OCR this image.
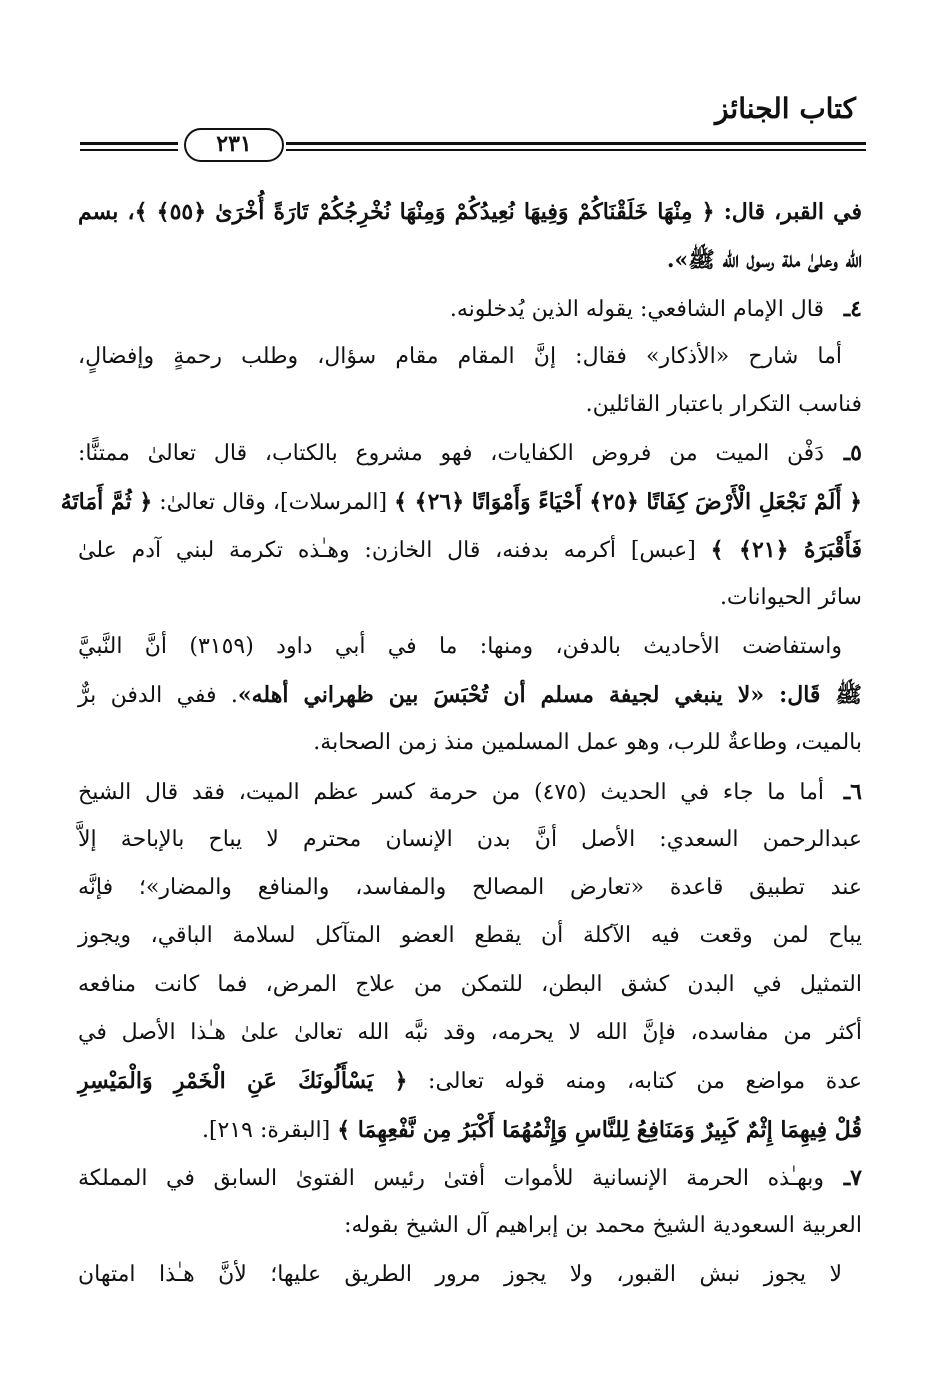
كتاب الجنائز
٢٣١
في القبر، قال: ﴿ مِنْهَا خَلَقْنَاكُمْ وَفِيهَا نُعِيدُكُمْ وَمِنْهَا نُخْرِجُكُمْ تَارَةً أُخْرَىٰ ﴿٥٥﴾ ﴾، بسم
الله وعلىٰ ملة رسول الله ﷺ».
٤ـقال الإمام الشافعي: يقوله الذين يُدخلونه.
أما شارح «الأذكار» فقال: إنَّ المقام مقام سؤال، وطلب رحمةٍ وإفضالٍ،
فناسب التكرار باعتبار القائلين.
٥ـدَفْن الميت من فروض الكفايات، فهو مشروع بالكتاب، قال تعالىٰ ممتنًّا:
﴿ أَلَمْ نَجْعَلِ الْأَرْضَ كِفَاتًا ﴿٢٥﴾ أَحْيَاءً وَأَمْوَاتًا ﴿٢٦﴾ ﴾ [المرسلات]، وقال تعالىٰ: ﴿ ثُمَّ أَمَاتَهُ
فَأَقْبَرَهُ ﴿٢١﴾ ﴾ [عبس] أكرمه بدفنه، قال الخازن: وهـٰذه تكرمة لبني آدم علىٰ
سائر الحيوانات.
واستفاضت الأحاديث بالدفن، ومنها: ما في أبي داود (٣١٥٩) أنَّ النَّبيَّ
ﷺ قَال: «لا ينبغي لجيفة مسلم أن تُحْبَسَ بين ظهراني أهله». ففي الدفن برٌّ
بالميت، وطاعةٌ للرب، وهو عمل المسلمين منذ زمن الصحابة.
٦ـأما ما جاء في الحديث (٤٧٥) من حرمة كسر عظم الميت، فقد قال الشيخ
عبدالرحمن السعدي: الأصل أنَّ بدن الإنسان محترم لا يباح بالإباحة إلاَّ
عند تطبيق قاعدة «تعارض المصالح والمفاسد، والمنافع والمضار»؛ فإنَّه
يباح لمن وقعت فيه الآكلة أن يقطع العضو المتآكل لسلامة الباقي، ويجوز
التمثيل في البدن كشق البطن، للتمكن من علاج المرض، فما كانت منافعه
أكثر من مفاسده، فإنَّ الله لا يحرمه، وقد نبَّه الله تعالىٰ علىٰ هـٰذا الأصل في
عدة مواضع من كتابه، ومنه قوله تعالى: ﴿ يَسْأَلُونَكَ عَنِ الْخَمْرِ وَالْمَيْسِرِ
قُلْ فِيهِمَا إِثْمٌ كَبِيرٌ وَمَنَافِعُ لِلنَّاسِ وَإِثْمُهُمَا أَكْبَرُ مِن نَّفْعِهِمَا ﴾ [البقرة: ٢١٩].
٧ـوبهـٰذه الحرمة الإنسانية للأموات أفتىٰ رئيس الفتوىٰ السابق في المملكة
العربية السعودية الشيخ محمد بن إبراهيم آل الشيخ بقوله:
لا يجوز نبش القبور، ولا يجوز مرور الطريق عليها؛ لأنَّ هـٰذا امتهان
